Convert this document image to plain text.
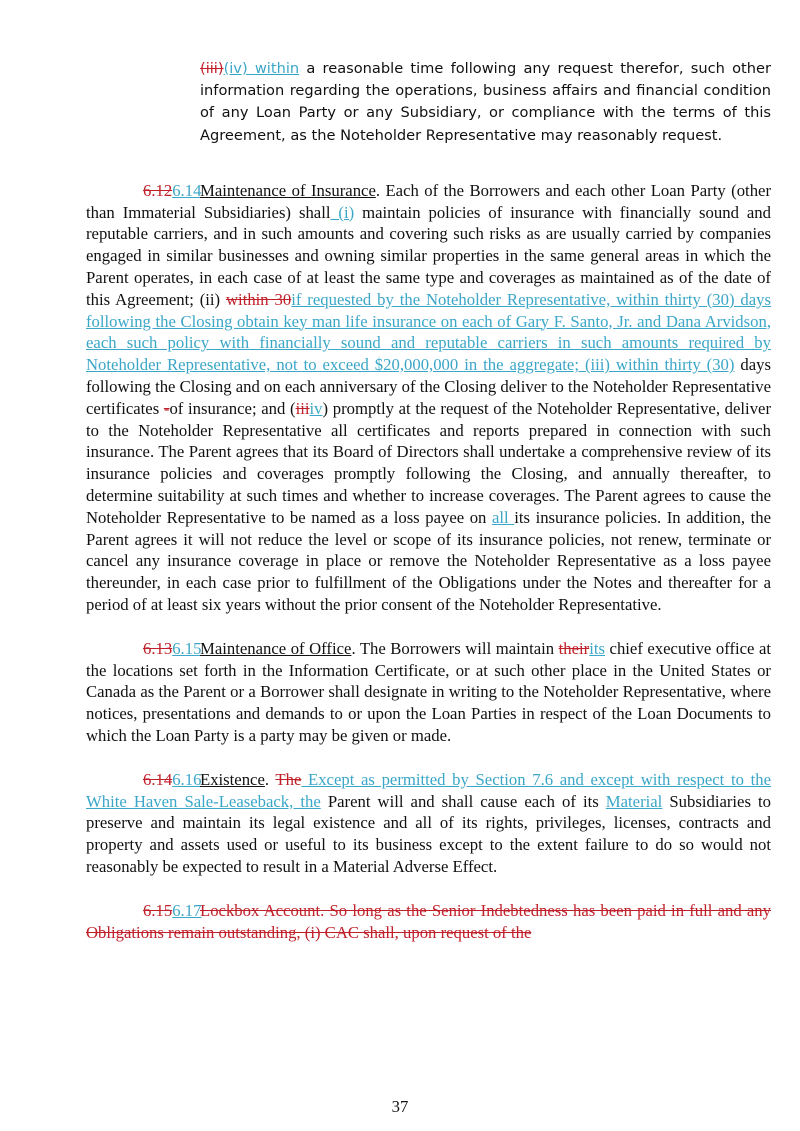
(iii)(iv) within a reasonable time following any request therefor, such other information regarding the operations, business affairs and financial condition of any Loan Party or any Subsidiary, or compliance with the terms of this Agreement, as the Noteholder Representative may reasonably request.
6.126.14Maintenance of Insurance. Each of the Borrowers and each other Loan Party (other than Immaterial Subsidiaries) shall (i) maintain policies of insurance with financially sound and reputable carriers, and in such amounts and covering such risks as are usually carried by companies engaged in similar businesses and owning similar properties in the same general areas in which the Parent operates, in each case of at least the same type and coverages as maintained as of the date of this Agreement; (ii) within 30if requested by the Noteholder Representative, within thirty (30) days following the Closing obtain key man life insurance on each of Gary F. Santo, Jr. and Dana Arvidson, each such policy with financially sound and reputable carriers in such amounts required by Noteholder Representative, not to exceed $20,000,000 in the aggregate; (iii) within thirty (30) days following the Closing and on each anniversary of the Closing deliver to the Noteholder Representative certificates -of insurance; and (iiiiv) promptly at the request of the Noteholder Representative, deliver to the Noteholder Representative all certificates and reports prepared in connection with such insurance. The Parent agrees that its Board of Directors shall undertake a comprehensive review of its insurance policies and coverages promptly following the Closing, and annually thereafter, to determine suitability at such times and whether to increase coverages. The Parent agrees to cause the Noteholder Representative to be named as a loss payee on all its insurance policies. In addition, the Parent agrees it will not reduce the level or scope of its insurance policies, not renew, terminate or cancel any insurance coverage in place or remove the Noteholder Representative as a loss payee thereunder, in each case prior to fulfillment of the Obligations under the Notes and thereafter for a period of at least six years without the prior consent of the Noteholder Representative.
6.136.15Maintenance of Office. The Borrowers will maintain theirits chief executive office at the locations set forth in the Information Certificate, or at such other place in the United States or Canada as the Parent or a Borrower shall designate in writing to the Noteholder Representative, where notices, presentations and demands to or upon the Loan Parties in respect of the Loan Documents to which the Loan Party is a party may be given or made.
6.146.16Existence. The Except as permitted by Section 7.6 and except with respect to the White Haven Sale-Leaseback, the Parent will and shall cause each of its Material Subsidiaries to preserve and maintain its legal existence and all of its rights, privileges, licenses, contracts and property and assets used or useful to its business except to the extent failure to do so would not reasonably be expected to result in a Material Adverse Effect.
6.156.17Lockbox Account. So long as the Senior Indebtedness has been paid in full and any Obligations remain outstanding, (i) CAC shall, upon request of the
37
